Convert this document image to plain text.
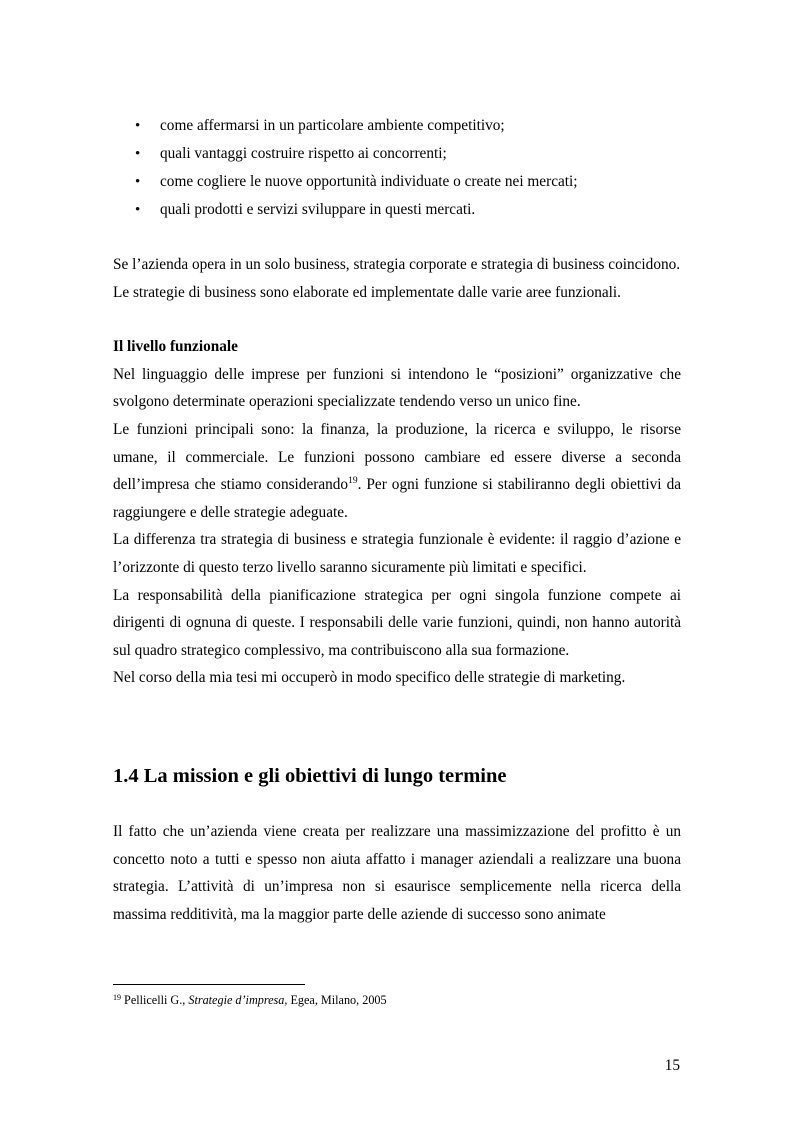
• come affermarsi in un particolare ambiente competitivo;
• quali vantaggi costruire rispetto ai concorrenti;
• come cogliere le nuove opportunità individuate o create nei mercati;
• quali prodotti e servizi sviluppare in questi mercati.

Se l’azienda opera in un solo business, strategia corporate e strategia di business coincidono.

Le strategie di business sono elaborate ed implementate dalle varie aree funzionali.

Il livello funzionale

Nel linguaggio delle imprese per funzioni si intendono le “posizioni” organizzative che svolgono determinate operazioni specializzate tendendo verso un unico fine.

Le funzioni principali sono: la finanza, la produzione, la ricerca e sviluppo, le risorse umane, il commerciale. Le funzioni possono cambiare ed essere diverse a seconda dell’impresa che stiamo considerando$^{19}$. Per ogni funzione si stabiliranno degli obiettivi da raggiungere e delle strategie adeguate.

La differenza tra strategia di business e strategia funzionale è evidente: il raggio d’azione e l’orizzonte di questo terzo livello saranno sicuramente più limitati e specifici.

La responsabilità della pianificazione strategica per ogni singola funzione compete ai dirigenti di ognuna di queste. I responsabili delle varie funzioni, quindi, non hanno autorità sul quadro strategico complessivo, ma contribuiscono alla sua formazione.

Nel corso della mia tesi mi occuperò in modo specifico delle strategie di marketing.

1.4 La mission e gli obiettivi di lungo termine

Il fatto che un’azienda viene creata per realizzare una massimizzazione del profitto è un concetto noto a tutti e spesso non aiuta affatto i manager aziendali a realizzare una buona strategia. L’attività di un’impresa non si esaurisce semplicemente nella ricerca della massima redditività, ma la maggior parte delle aziende di successo sono animate

$^{19}$ Pellicelli G., Strategie d’impresa, Egea, Milano, 2005
15
